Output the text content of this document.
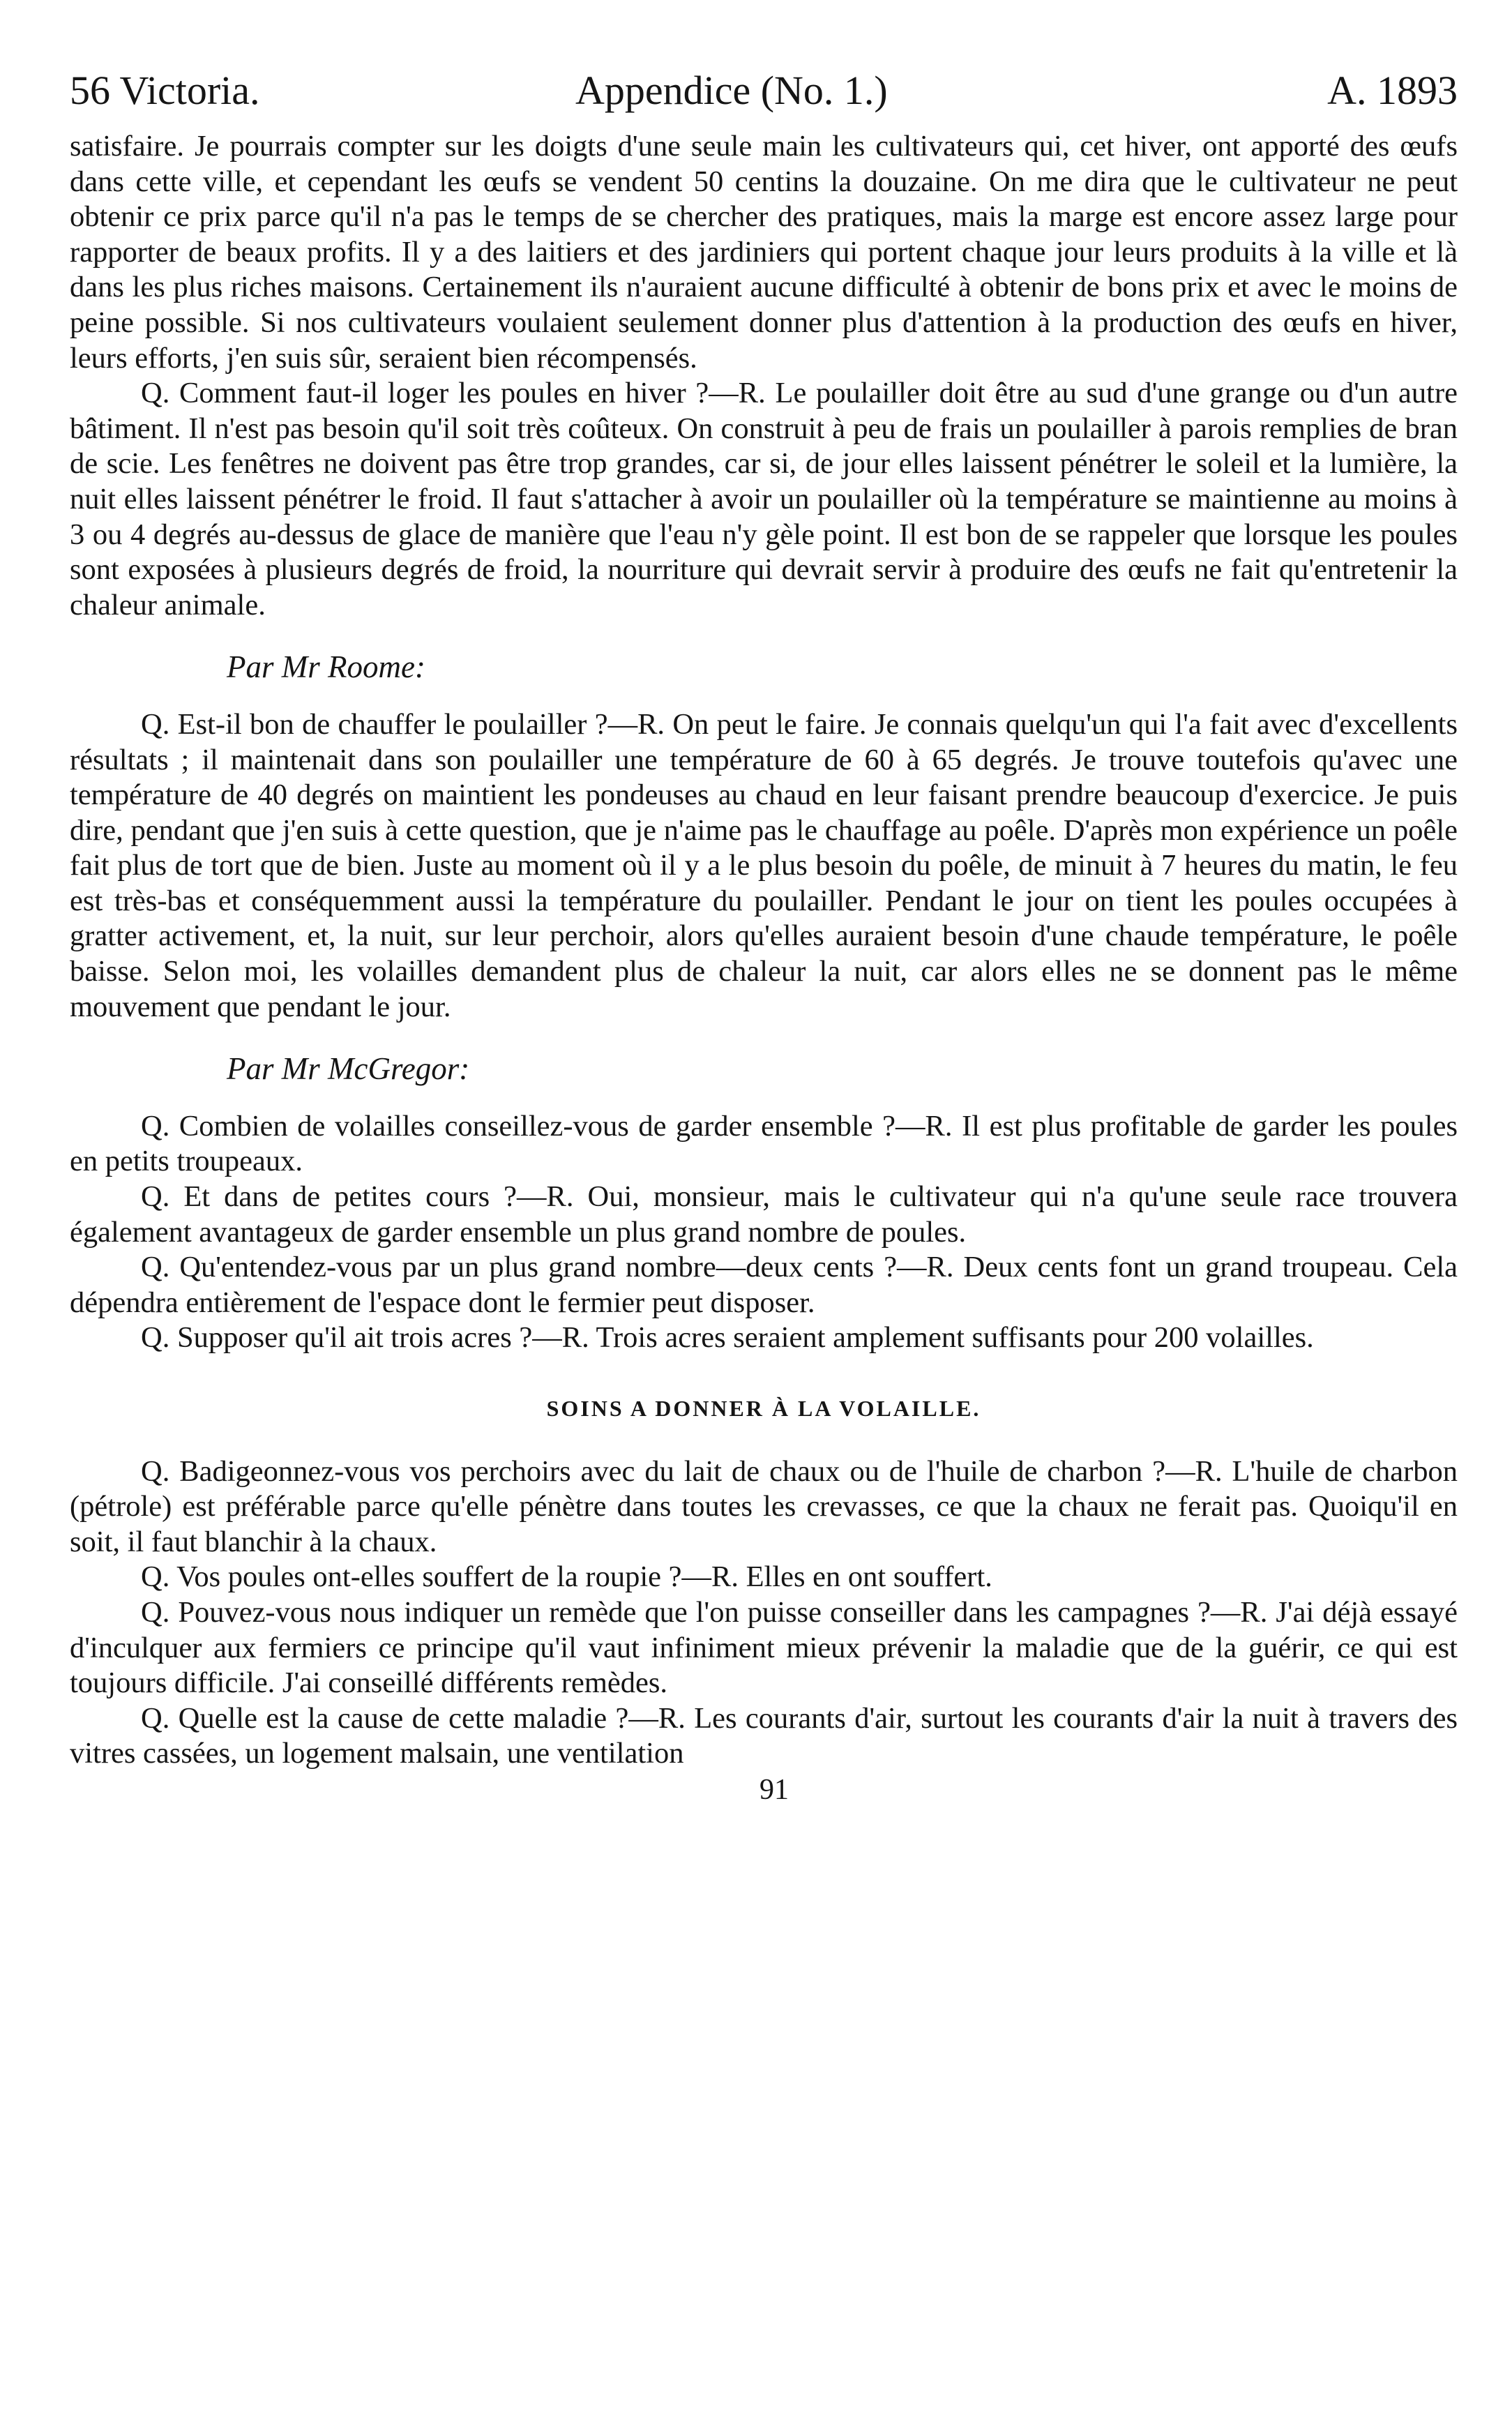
56 Victoria.	Appendice (No. 1.)	A. 1893

satisfaire. Je pourrais compter sur les doigts d'une seule main les cultivateurs qui, cet hiver, ont apporté des œufs dans cette ville, et cependant les œufs se vendent 50 centins la douzaine. On me dira que le cultivateur ne peut obtenir ce prix parce qu'il n'a pas le temps de se chercher des pratiques, mais la marge est encore assez large pour rapporter de beaux profits. Il y a des laitiers et des jardiniers qui portent chaque jour leurs produits à la ville et là dans les plus riches maisons. Certainement ils n'auraient aucune difficulté à obtenir de bons prix et avec le moins de peine possible. Si nos cultivateurs voulaient seulement donner plus d'attention à la production des œufs en hiver, leurs efforts, j'en suis sûr, seraient bien récompensés.

Q. Comment faut-il loger les poules en hiver ?—R. Le poulailler doit être au sud d'une grange ou d'un autre bâtiment. Il n'est pas besoin qu'il soit très coûteux. On construit à peu de frais un poulailler à parois remplies de bran de scie. Les fenêtres ne doivent pas être trop grandes, car si, de jour elles laissent pénétrer le soleil et la lumière, la nuit elles laissent pénétrer le froid. Il faut s'attacher à avoir un poulailler où la température se maintienne au moins à 3 ou 4 degrés au-dessus de glace de manière que l'eau n'y gèle point. Il est bon de se rappeler que lorsque les poules sont exposées à plusieurs degrés de froid, la nourriture qui devrait servir à produire des œufs ne fait qu'entretenir la chaleur animale.

Par Mr Roome:

Q. Est-il bon de chauffer le poulailler ?—R. On peut le faire. Je connais quelqu'un qui l'a fait avec d'excellents résultats ; il maintenait dans son poulailler une température de 60 à 65 degrés. Je trouve toutefois qu'avec une température de 40 degrés on maintient les pondeuses au chaud en leur faisant prendre beaucoup d'exercice. Je puis dire, pendant que j'en suis à cette question, que je n'aime pas le chauffage au poêle. D'après mon expérience un poêle fait plus de tort que de bien. Juste au moment où il y a le plus besoin du poêle, de minuit à 7 heures du matin, le feu est très-bas et conséquemment aussi la température du poulailler. Pendant le jour on tient les poules occupées à gratter activement, et, la nuit, sur leur perchoir, alors qu'elles auraient besoin d'une chaude température, le poêle baisse. Selon moi, les volailles demandent plus de chaleur la nuit, car alors elles ne se donnent pas le même mouvement que pendant le jour.

Par Mr McGregor:

Q. Combien de volailles conseillez-vous de garder ensemble ?—R. Il est plus profitable de garder les poules en petits troupeaux.

Q. Et dans de petites cours ?—R. Oui, monsieur, mais le cultivateur qui n'a qu'une seule race trouvera également avantageux de garder ensemble un plus grand nombre de poules.

Q. Qu'entendez-vous par un plus grand nombre—deux cents ?—R. Deux cents font un grand troupeau. Cela dépendra entièrement de l'espace dont le fermier peut disposer.

Q. Supposer qu'il ait trois acres ?—R. Trois acres seraient amplement suffisants pour 200 volailles.

SOINS A DONNER À LA VOLAILLE.

Q. Badigeonnez-vous vos perchoirs avec du lait de chaux ou de l'huile de charbon ?—R. L'huile de charbon (pétrole) est préférable parce qu'elle pénètre dans toutes les crevasses, ce que la chaux ne ferait pas. Quoiqu'il en soit, il faut blanchir à la chaux.

Q. Vos poules ont-elles souffert de la roupie ?—R. Elles en ont souffert.

Q. Pouvez-vous nous indiquer un remède que l'on puisse conseiller dans les campagnes ?—R. J'ai déjà essayé d'inculquer aux fermiers ce principe qu'il vaut infiniment mieux prévenir la maladie que de la guérir, ce qui est toujours difficile. J'ai conseillé différents remèdes.

Q. Quelle est la cause de cette maladie ?—R. Les courants d'air, surtout les courants d'air la nuit à travers des vitres cassées, un logement malsain, une ventilation

91
